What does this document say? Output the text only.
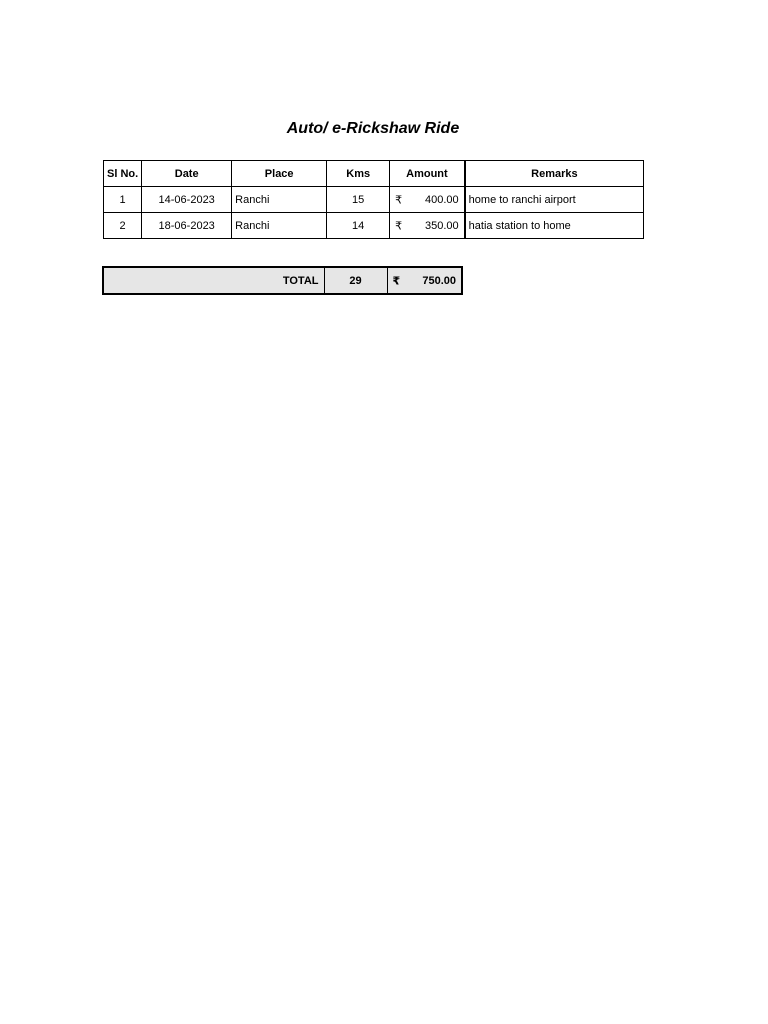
Auto/ e-Rickshaw Ride
Sl No.	Date	Place	Kms	Amount	Remarks
1	14-06-2023	Ranchi	15	₹ 400.00	home to ranchi airport
2	18-06-2023	Ranchi	14	₹ 350.00	hatia station to home
TOTAL	29	₹	750.00
